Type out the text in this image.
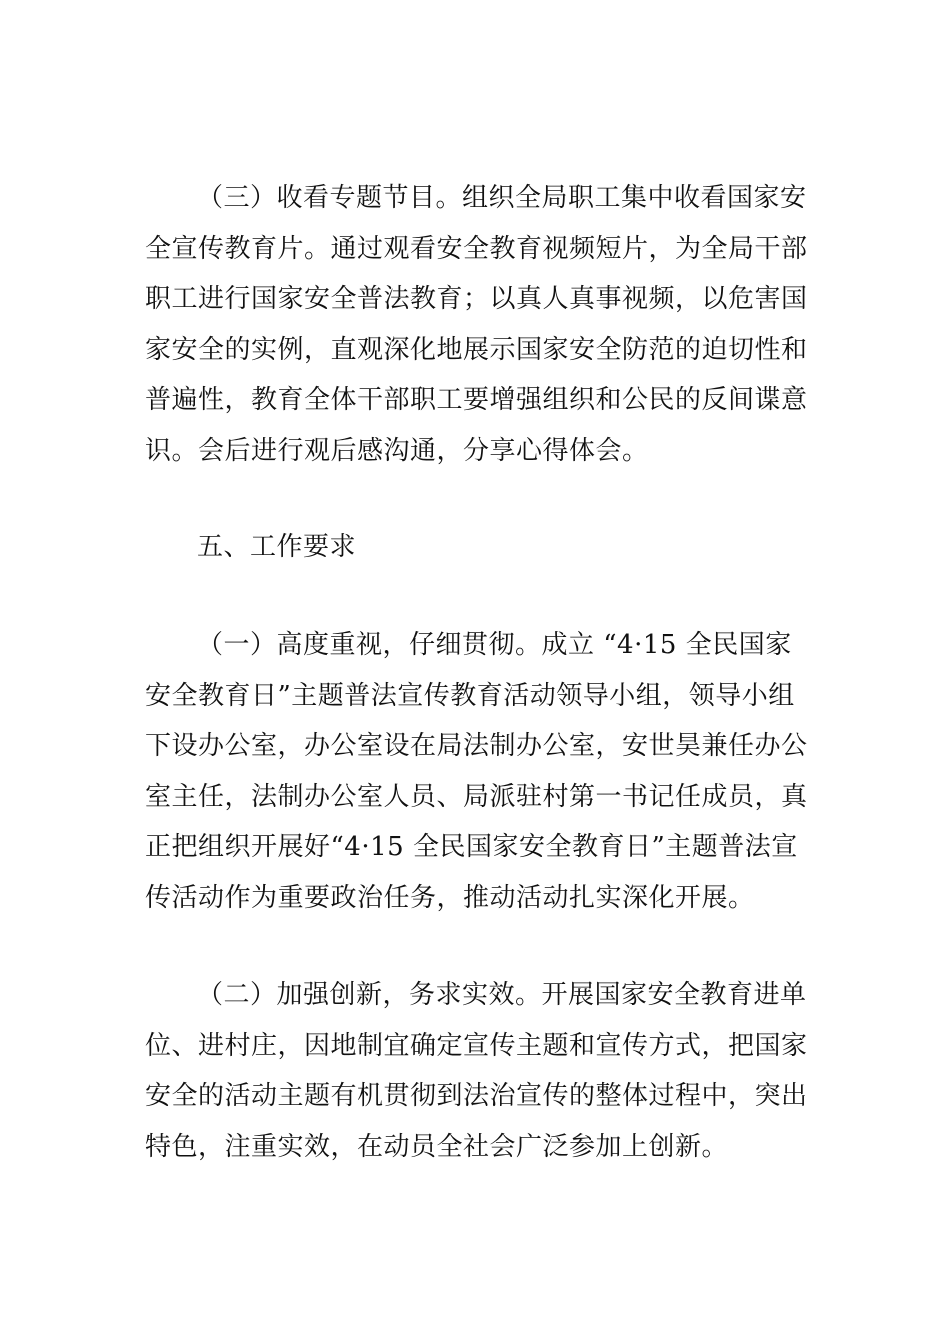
（三）收看专题节目。组织全局职工集中收看国家安
全宣传教育片。通过观看安全教育视频短片，为全局干部
职工进行国家安全普法教育；以真人真事视频，以危害国
家安全的实例，直观深化地展示国家安全防范的迫切性和
普遍性，教育全体干部职工要增强组织和公民的反间谍意
识。会后进行观后感沟通，分享心得体会。
五、工作要求
（一）高度重视，仔细贯彻。成立 “4·15 全民国家
安全教育日”主题普法宣传教育活动领导小组，领导小组
下设办公室，办公室设在局法制办公室，安世昊兼任办公
室主任，法制办公室人员、局派驻村第一书记任成员，真
正把组织开展好“4·15 全民国家安全教育日”主题普法宣
传活动作为重要政治任务，推动活动扎实深化开展。
（二）加强创新，务求实效。开展国家安全教育进单
位、进村庄，因地制宜确定宣传主题和宣传方式，把国家
安全的活动主题有机贯彻到法治宣传的整体过程中，突出
特色，注重实效，在动员全社会广泛参加上创新。
